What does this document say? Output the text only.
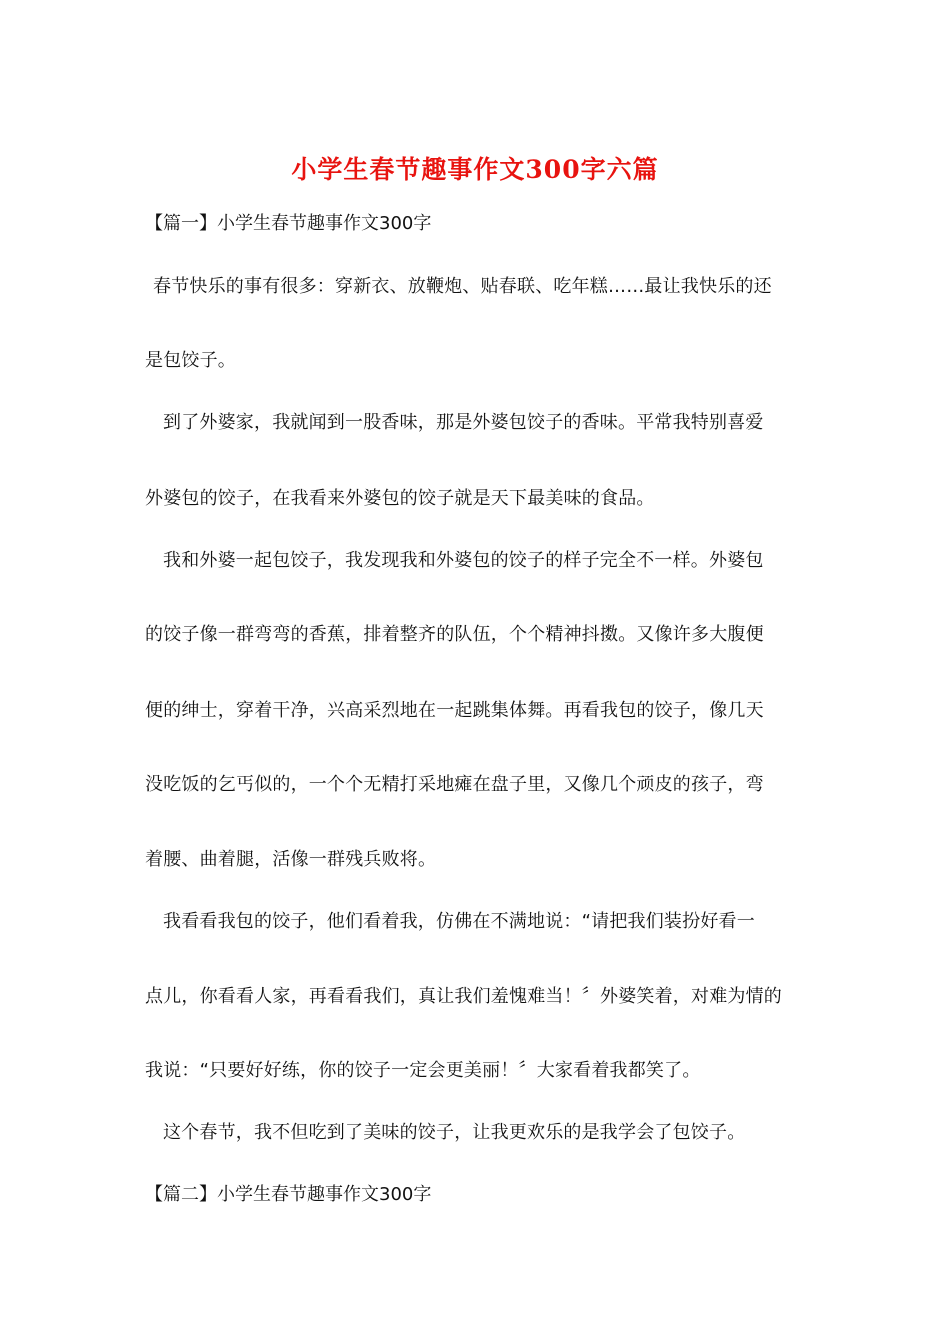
小学生春节趣事作文300字六篇
【篇一】小学生春节趣事作文300字
春节快乐的事有很多：穿新衣、放鞭炮、贴春联、吃年糕……最让我快乐的还
是包饺子。
到了外婆家，我就闻到一股香味，那是外婆包饺子的香味。平常我特别喜爱
外婆包的饺子，在我看来外婆包的饺子就是天下最美味的食品。
我和外婆一起包饺子，我发现我和外婆包的饺子的样子完全不一样。外婆包
的饺子像一群弯弯的香蕉，排着整齐的队伍，个个精神抖擞。又像许多大腹便
便的绅士，穿着干净，兴高采烈地在一起跳集体舞。再看我包的饺子，像几天
没吃饭的乞丐似的，一个个无精打采地瘫在盘子里，又像几个顽皮的孩子，弯
着腰、曲着腿，活像一群残兵败将。
我看看我包的饺子，他们看着我，仿佛在不满地说：“请把我们装扮好看一
点儿，你看看人家，再看看我们，真让我们羞愧难当！〞外婆笑着，对难为情的
我说：“只要好好练，你的饺子一定会更美丽！〞大家看着我都笑了。
这个春节，我不但吃到了美味的饺子，让我更欢乐的是我学会了包饺子。
【篇二】小学生春节趣事作文300字
